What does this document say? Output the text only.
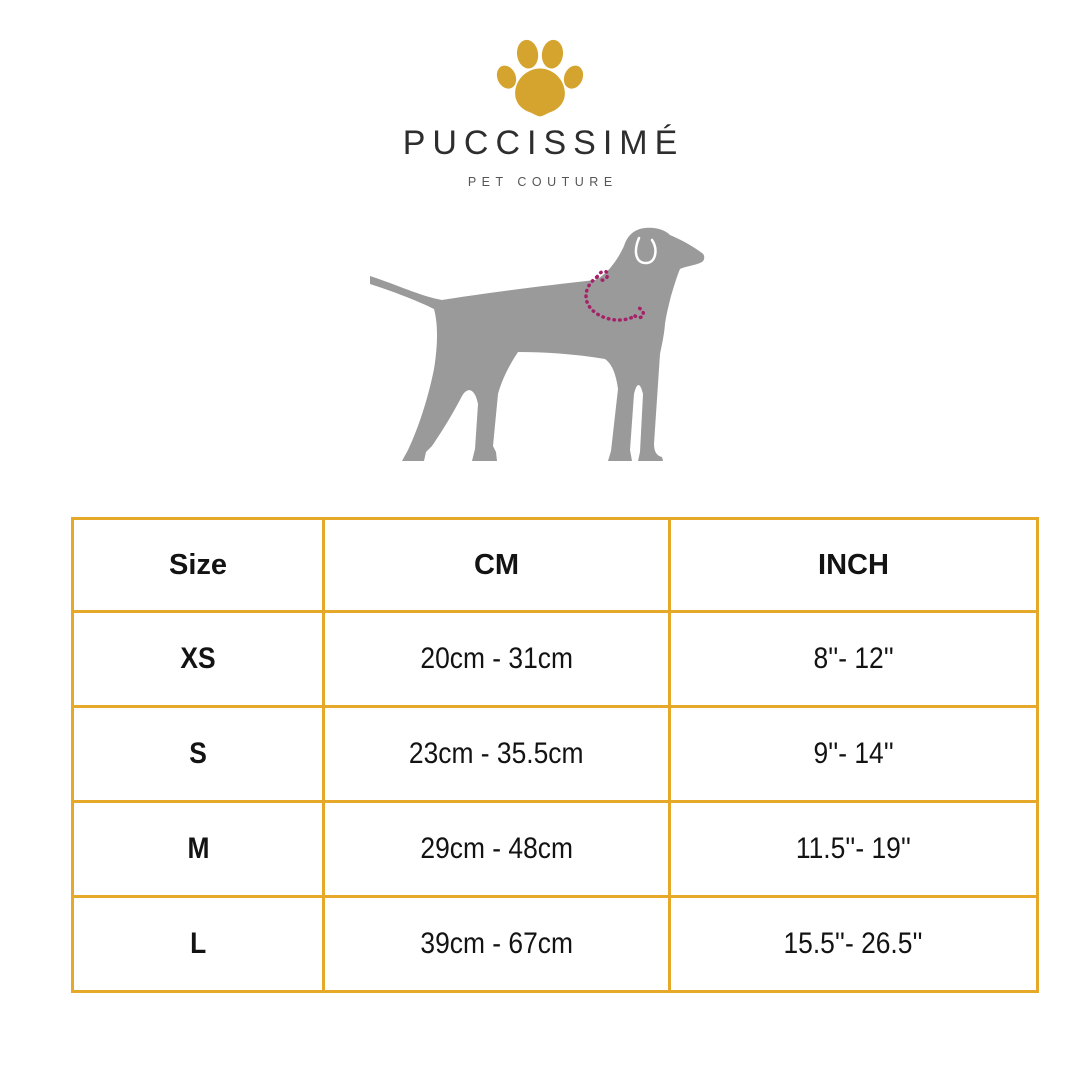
PUCCISSIMÉ
PET COUTURE
Size	CM	INCH
XS	20cm - 31cm	8''- 12''
S	23cm - 35.5cm	9''- 14''
M	29cm - 48cm	11.5''- 19''
L	39cm - 67cm	15.5''- 26.5''
